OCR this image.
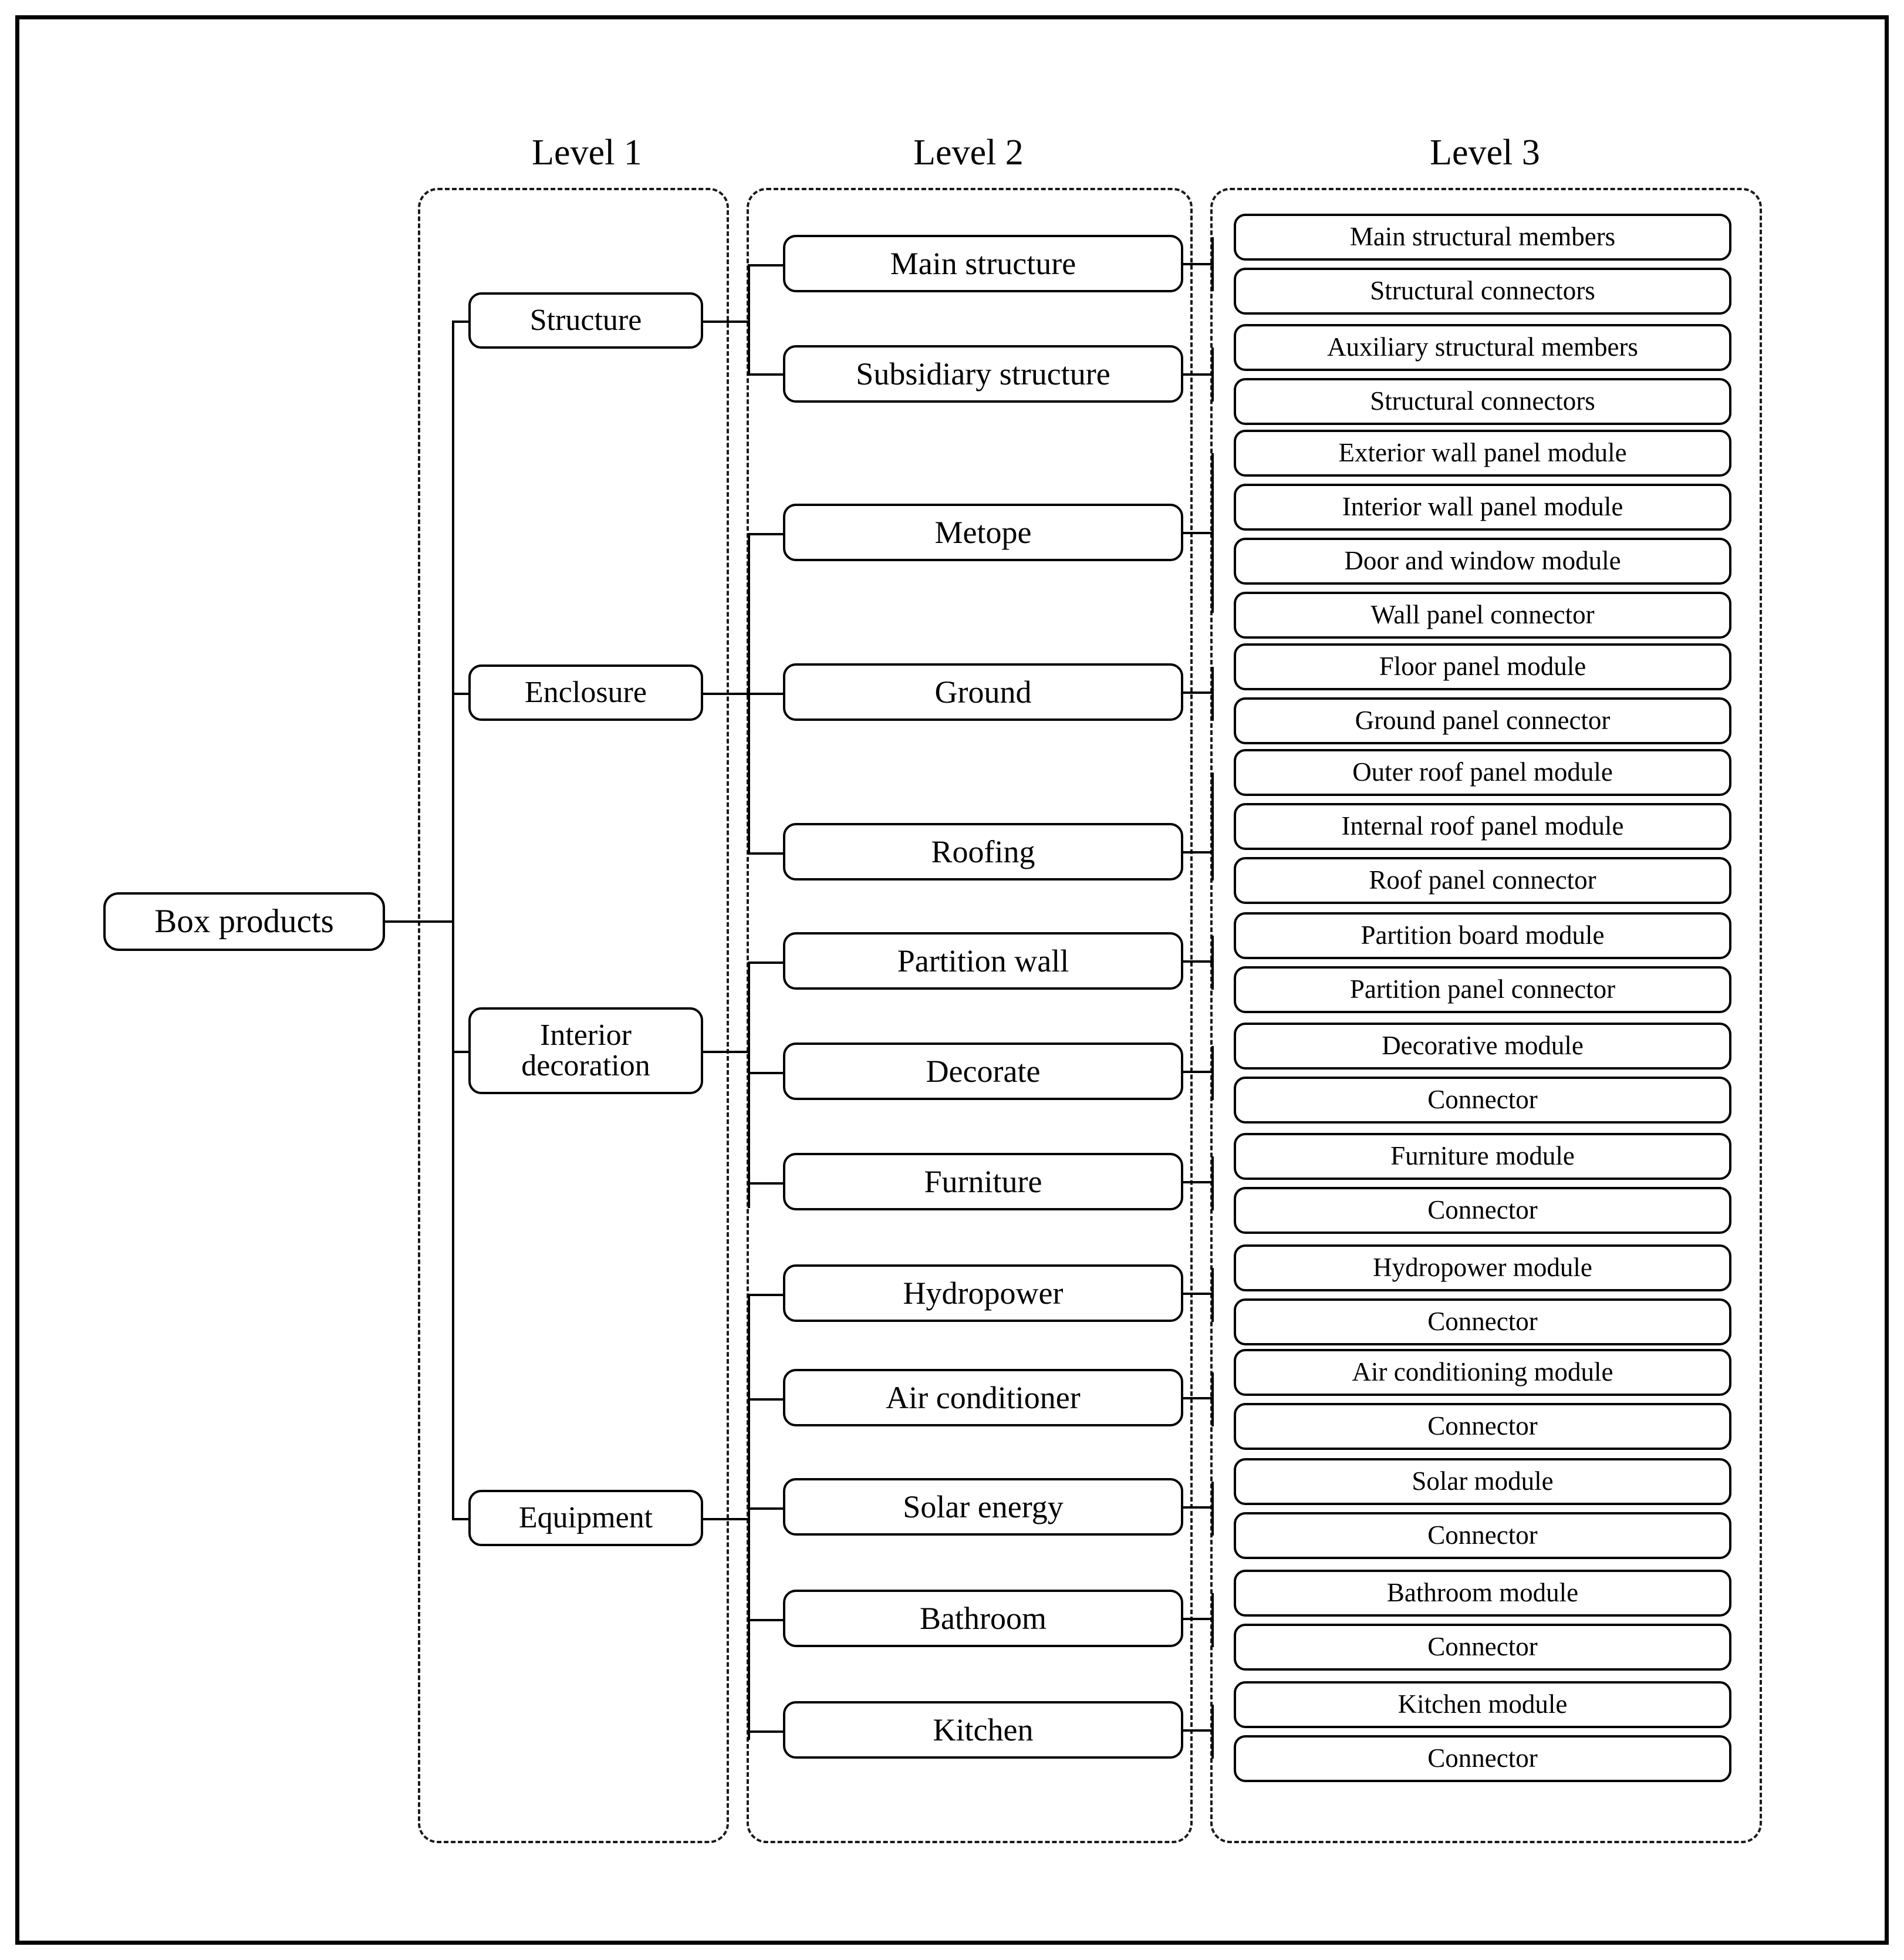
Level 1	Level 2	Level 3
Box products
Structure
Enclosure
Interior
decoration
Equipment
Main structure
Subsidiary structure
Metope
Ground
Roofing
Partition wall
Decorate
Furniture
Hydropower
Air conditioner
Solar energy
Bathroom
Kitchen
Main structural members
Structural connectors
Auxiliary structural members
Structural connectors
Exterior wall panel module
Interior wall panel module
Door and window module
Wall panel connector
Floor panel module
Ground panel connector
Outer roof panel module
Internal roof panel module
Roof panel connector
Partition board module
Partition panel connector
Decorative module
Connector
Furniture module
Connector
Hydropower module
Connector
Air conditioning module
Connector
Solar module
Connector
Bathroom module
Connector
Kitchen module
Connector
